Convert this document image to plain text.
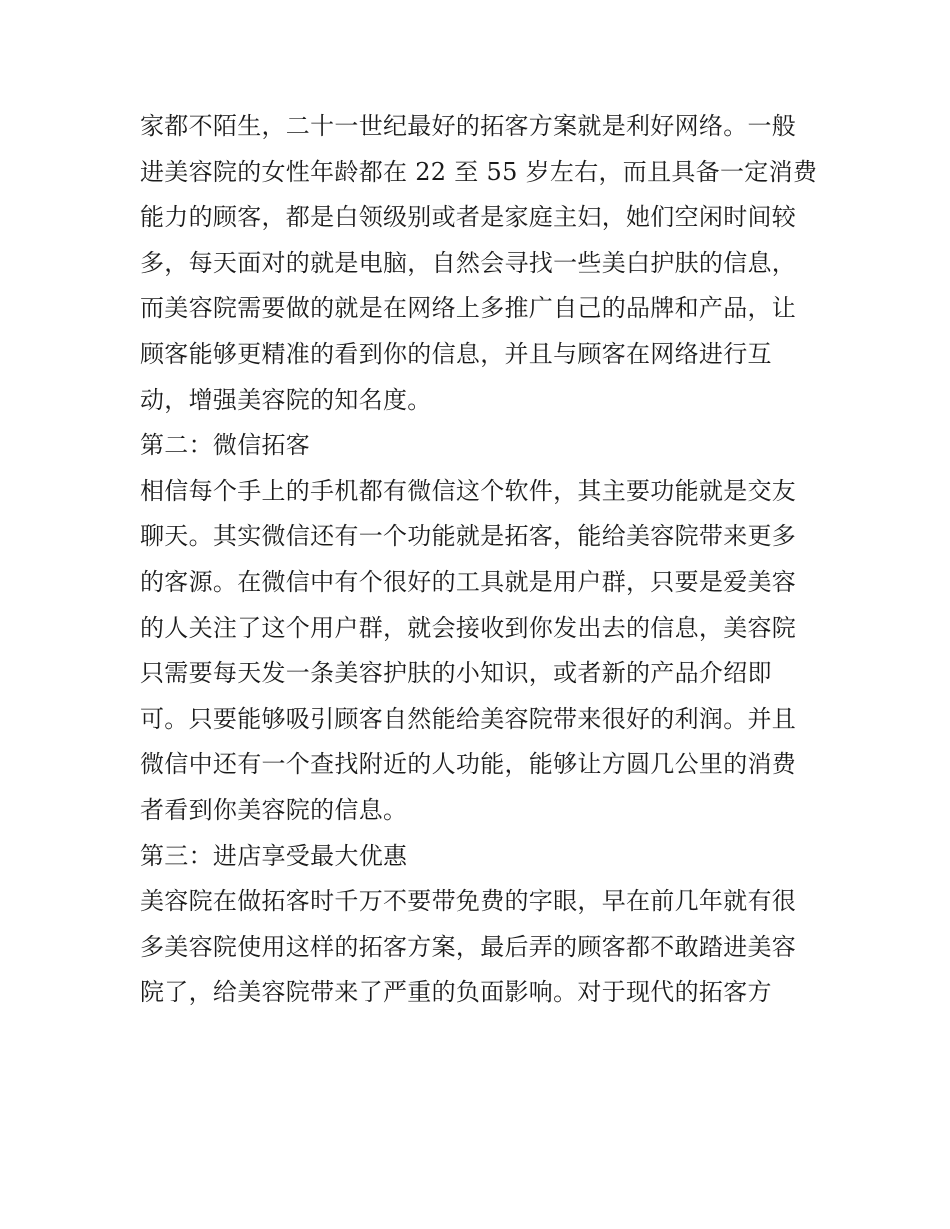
家都不陌生，二十一世纪最好的拓客方案就是利好网络。一般
进美容院的女性年龄都在 22 至 55 岁左右，而且具备一定消费
能力的顾客，都是白领级别或者是家庭主妇，她们空闲时间较
多，每天面对的就是电脑，自然会寻找一些美白护肤的信息，
而美容院需要做的就是在网络上多推广自己的品牌和产品，让
顾客能够更精准的看到你的信息，并且与顾客在网络进行互
动，增强美容院的知名度。
第二：微信拓客
相信每个手上的手机都有微信这个软件，其主要功能就是交友
聊天。其实微信还有一个功能就是拓客，能给美容院带来更多
的客源。在微信中有个很好的工具就是用户群，只要是爱美容
的人关注了这个用户群，就会接收到你发出去的信息，美容院
只需要每天发一条美容护肤的小知识，或者新的产品介绍即
可。只要能够吸引顾客自然能给美容院带来很好的利润。并且
微信中还有一个查找附近的人功能，能够让方圆几公里的消费
者看到你美容院的信息。
第三：进店享受最大优惠
美容院在做拓客时千万不要带免费的字眼，早在前几年就有很
多美容院使用这样的拓客方案，最后弄的顾客都不敢踏进美容
院了，给美容院带来了严重的负面影响。对于现代的拓客方
